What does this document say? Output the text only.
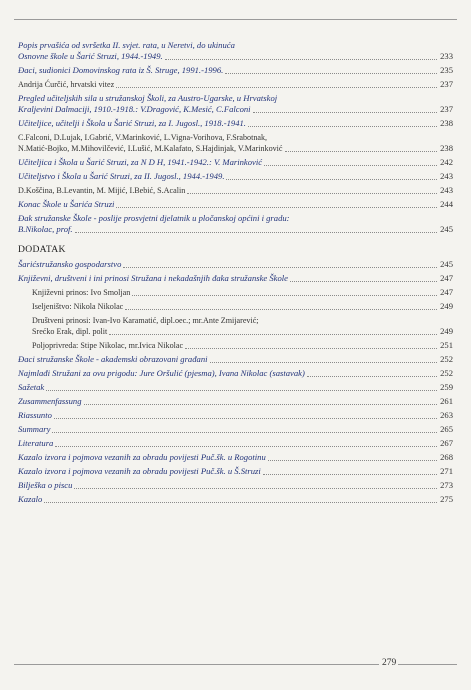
Popis prvašića od svršetka II. svjet. rata, u Neretvi, do ukinuća
Osnovne škole u Šarić Struzi, 1944.-1949.	233
Đaci, sudionici Domovinskog rata iz Š. Struge, 1991.-1996.	235
Andrija Ćurčić, hrvatski vitez	237
Pregled učiteljskih sila u stružanskoj Školi, za Austro-Ugarske, u Hrvatskoj
Kraljevini Dalmaciji, 1910.-1918.: V.Dragović, K.Mesić, C.Falconi	237
Učiteljice, učitelji i Škola u Šarić Struzi, za I. Jugosl., 1918.-1941.	238
C.Falconi, D.Lujak, I.Gabrić, V.Marinković, L.Vigna-Vorihova, F.Srabotnak,
N.Matić-Bojko, M.Mihovilčević, I.Lušić, M.Kalafato, S.Hajdinjak, V.Marinković	238
Učiteljica i Škola u Šarić Struzi, za N D H, 1941.-1942.: V. Marinković	242
Učiteljstvo i Škola u Šarić Struzi, za II. Jugosl., 1944.-1949.	243
D.Koščina, B.Levantin, M. Mijić, I.Bebić, S.Acalin	243
Konac Škole u Šarića Struzi	244
Đak stružanske Škole - poslije prosvjetni djelatnik u pločanskoj općini i gradu:
B.Nikolac, prof.	245
DODATAK
Šarićstružansko gospodarstvo	245
Književni, društveni i ini prinosi Stružana i nekadašnjih đaka stružanske Škole	247
Književni prinos: Ivo Smoljan	247
Iseljeništvo: Nikola Nikolac	249
Društveni prinosi: Ivan-Ivo Karamatić, dipl.oec.; mr.Ante Zmijarević;
Srećko Erak, dipl. polit	249
Poljoprivreda: Stipe Nikolac, mr.Ivica Nikolac	251
Đaci stružanske Škole - akademski obrazovani građani	252
Najmlađi Stružani za ovu prigodu: Jure Oršulić (pjesma), Ivana Nikolac (sastavak)	252
Sažetak	259
Zusammenfassung	261
Riassunto	263
Summary	265
Literatura	267
Kazalo izvora i pojmova vezanih za obradu povijesti Puč.šk. u Rogotinu	268
Kazalo izvora i pojmova vezanih za obradu povijesti Puč.šk. u Š.Struzi	271
Bilješka o piscu	273
Kazalo	275
279
